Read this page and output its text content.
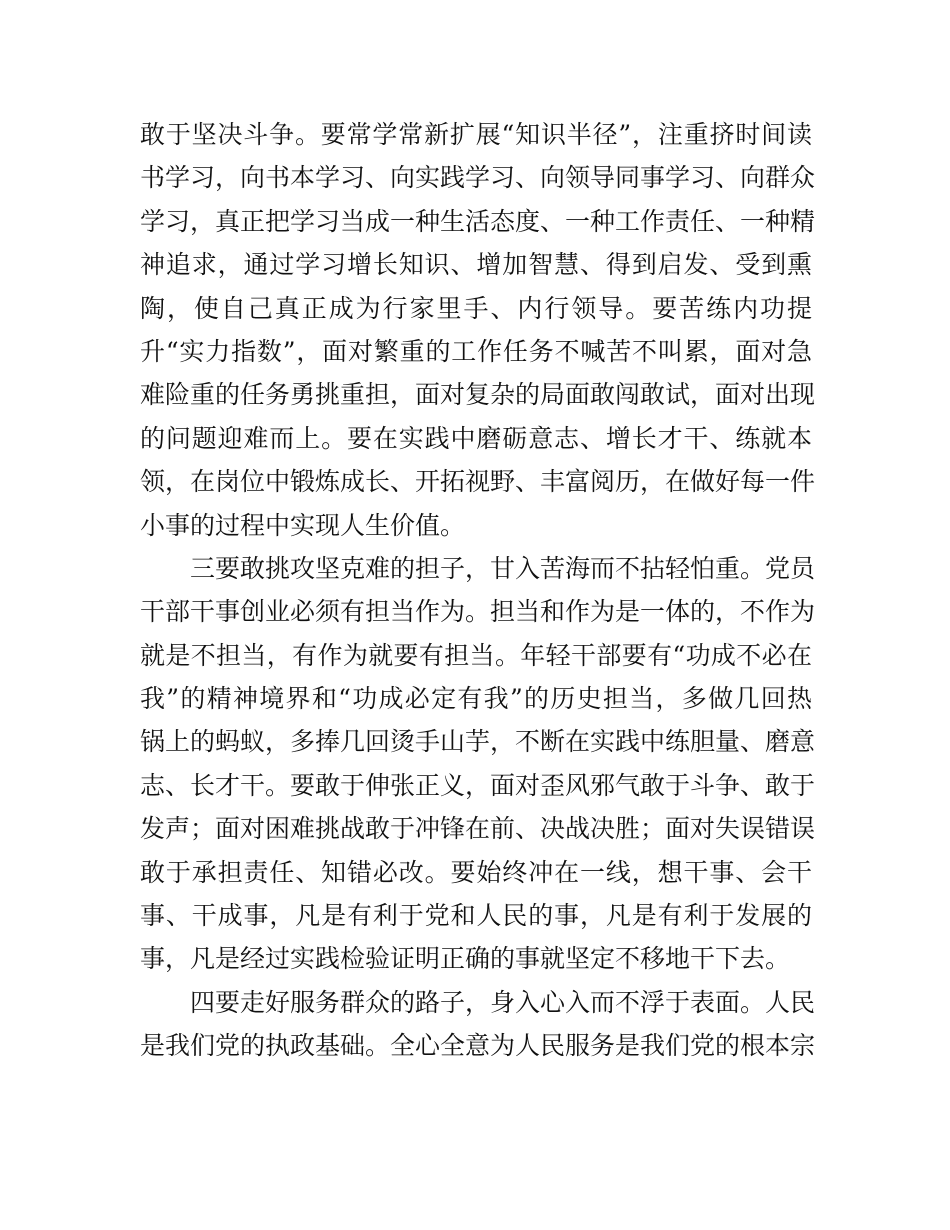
敢于坚决斗争。要常学常新扩展“知识半径”，注重挤时间读
书学习，向书本学习、向实践学习、向领导同事学习、向群众
学习，真正把学习当成一种生活态度、一种工作责任、一种精
神追求，通过学习增长知识、增加智慧、得到启发、受到熏
陶，使自己真正成为行家里手、内行领导。要苦练内功提
升“实力指数”，面对繁重的工作任务不喊苦不叫累，面对急
难险重的任务勇挑重担，面对复杂的局面敢闯敢试，面对出现
的问题迎难而上。要在实践中磨砺意志、增长才干、练就本
领，在岗位中锻炼成长、开拓视野、丰富阅历，在做好每一件
小事的过程中实现人生价值。
三要敢挑攻坚克难的担子，甘入苦海而不拈轻怕重。党员
干部干事创业必须有担当作为。担当和作为是一体的，不作为
就是不担当，有作为就要有担当。年轻干部要有“功成不必在
我”的精神境界和“功成必定有我”的历史担当，多做几回热
锅上的蚂蚁，多捧几回烫手山芋，不断在实践中练胆量、磨意
志、长才干。要敢于伸张正义，面对歪风邪气敢于斗争、敢于
发声；面对困难挑战敢于冲锋在前、决战决胜；面对失误错误
敢于承担责任、知错必改。要始终冲在一线，想干事、会干
事、干成事，凡是有利于党和人民的事，凡是有利于发展的
事，凡是经过实践检验证明正确的事就坚定不移地干下去。
四要走好服务群众的路子，身入心入而不浮于表面。人民
是我们党的执政基础。全心全意为人民服务是我们党的根本宗
